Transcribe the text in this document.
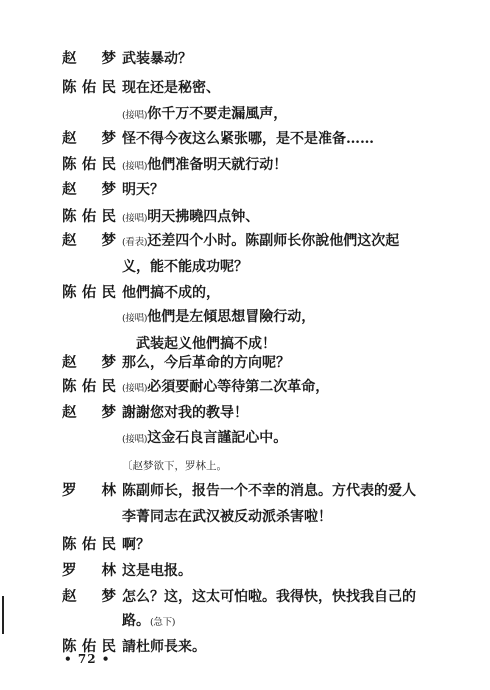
赵　梦 武装暴动？
陈佑民 现在还是秘密、
(接唱)你千万不要走漏風声，
赵　梦 怪不得今夜这么紧张哪，是不是准备……
陈佑民 (接唱)他們准备明天就行动！
赵　梦 明天？
陈佑民 (接唱)明天拂曉四点钟、
赵　梦 (看表)还差四个小时。陈副师长你說他們这次起
义，能不能成功呢？
陈佑民 他們搞不成的，
(接唱)他們是左傾思想冒險行动，
　武装起义他們搞不成！
赵　梦 那么，今后革命的方向呢？
陈佑民 (接唱)必須要耐心等待第二次革命，
赵　梦 謝謝您对我的教导！
(接唱)这金石良言謹記心中。
〔赵梦欲下，罗林上。
罗　林 陈副师长，报告一个不幸的消息。方代表的爱人
李菁同志在武汉被反动派杀害啦！
陈佑民 啊？
罗　林 这是电报。
赵　梦 怎么？这，这太可怕啦。我得快，快找我自己的
路。(急下)
陈佑民 請杜师長来。
• 72 •
